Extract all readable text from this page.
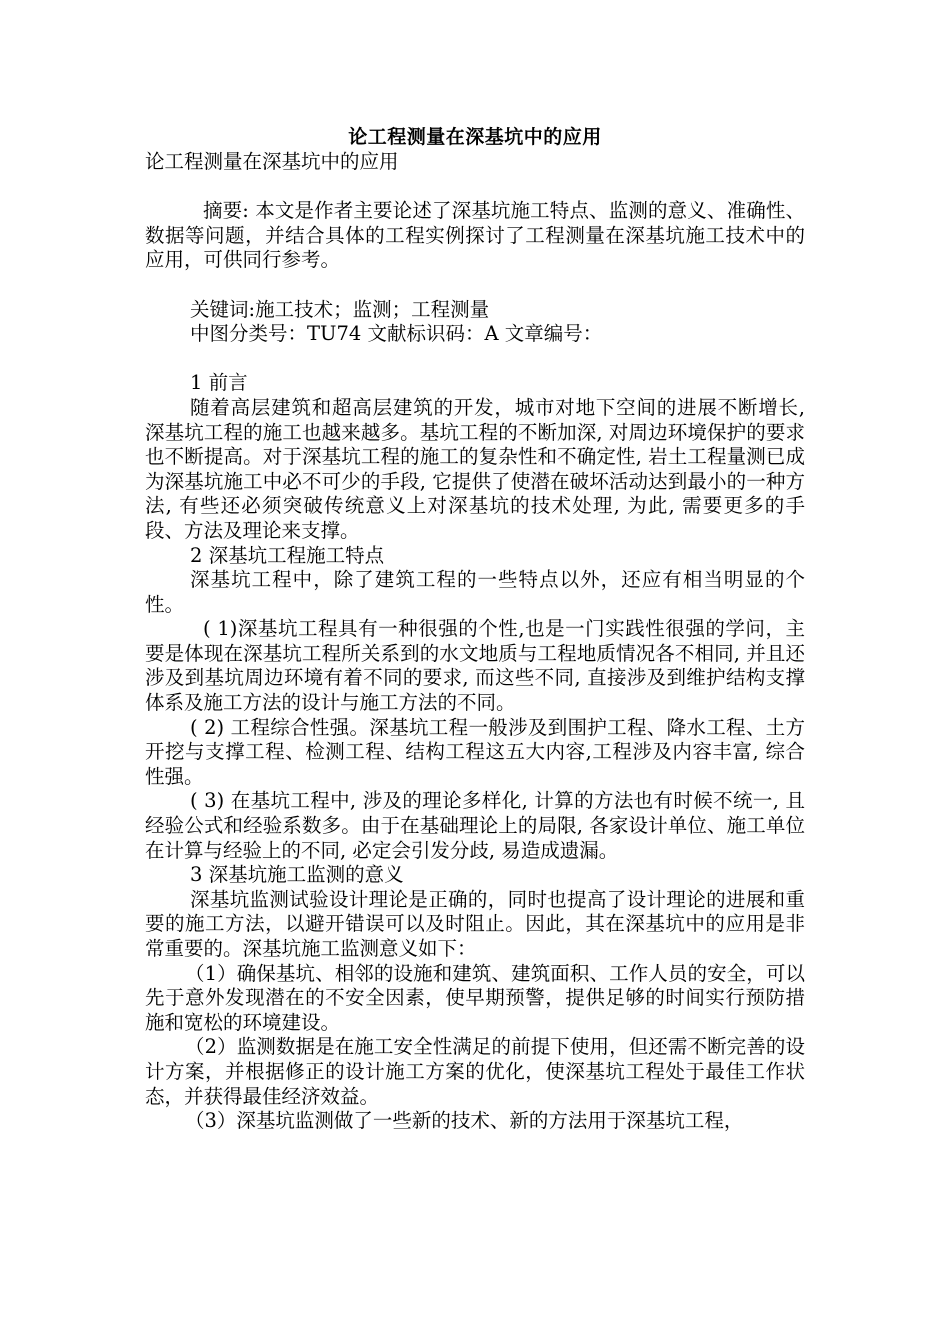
论工程测量在深基坑中的应用

论工程测量在深基坑中的应用

摘要: 本文是作者主要论述了深基坑施工特点、监测的意义、准确性、数据等问题，并结合具体的工程实例探讨了工程测量在深基坑施工技术中的应用，可供同行参考。

关键词:施工技术；监测；工程测量

中图分类号：TU74 文献标识码：A 文章编号：

1 前言

随着高层建筑和超高层建筑的开发，城市对地下空间的进展不断增长, 深基坑工程的施工也越来越多。基坑工程的不断加深, 对周边环境保护的要求也不断提高。对于深基坑工程的施工的复杂性和不确定性, 岩土工程量测已成为深基坑施工中必不可少的手段, 它提供了使潜在破坏活动达到最小的一种方法, 有些还必须突破传统意义上对深基坑的技术处理, 为此, 需要更多的手段、方法及理论来支撑。

2 深基坑工程施工特点

深基坑工程中，除了建筑工程的一些特点以外，还应有相当明显的个性。

( 1)深基坑工程具有一种很强的个性,也是一门实践性很强的学问，主要是体现在深基坑工程所关系到的水文地质与工程地质情况各不相同, 并且还涉及到基坑周边环境有着不同的要求, 而这些不同, 直接涉及到维护结构支撑体系及施工方法的设计与施工方法的不同。

( 2) 工程综合性强。深基坑工程一般涉及到围护工程、降水工程、土方开挖与支撑工程、检测工程、结构工程这五大内容,工程涉及内容丰富, 综合性强。

( 3) 在基坑工程中, 涉及的理论多样化, 计算的方法也有时候不统一, 且经验公式和经验系数多。由于在基础理论上的局限, 各家设计单位、施工单位在计算与经验上的不同, 必定会引发分歧, 易造成遗漏。

3 深基坑施工监测的意义

深基坑监测试验设计理论是正确的，同时也提高了设计理论的进展和重要的施工方法，以避开错误可以及时阻止。因此，其在深基坑中的应用是非常重要的。深基坑施工监测意义如下：

（1）确保基坑、相邻的设施和建筑、建筑面积、工作人员的安全，可以先于意外发现潜在的不安全因素，使早期预警，提供足够的时间实行预防措施和宽松的环境建设。

（2）监测数据是在施工安全性满足的前提下使用，但还需不断完善的设计方案，并根据修正的设计施工方案的优化，使深基坑工程处于最佳工作状态，并获得最佳经济效益。

（3）深基坑监测做了一些新的技术、新的方法用于深基坑工程，
